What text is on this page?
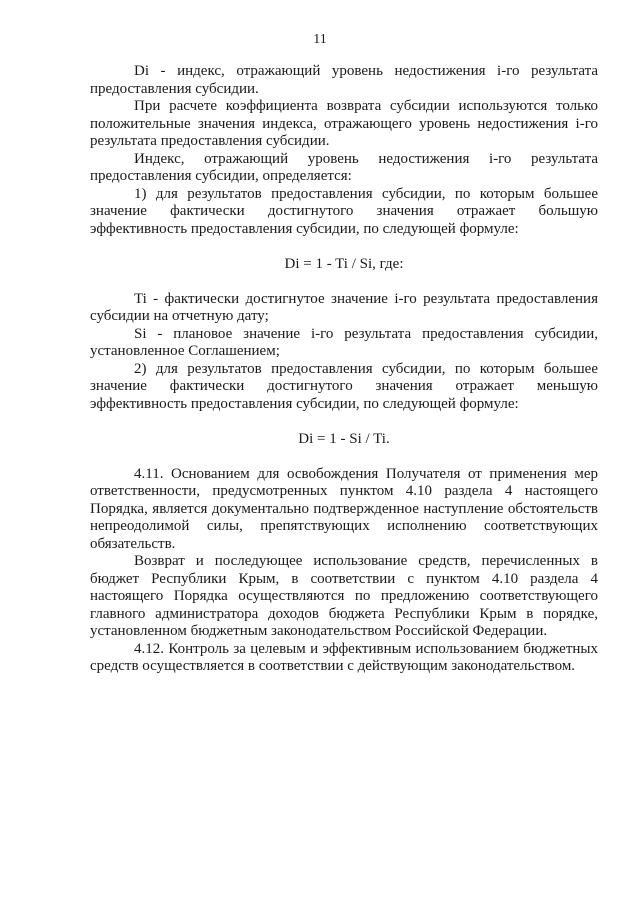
11

Di - индекс, отражающий уровень недостижения i-го результата предоставления субсидии.

При расчете коэффициента возврата субсидии используются только положительные значения индекса, отражающего уровень недостижения i-го результата предоставления субсидии.

Индекс, отражающий уровень недостижения i-го результата предоставления субсидии, определяется:

1) для результатов предоставления субсидии, по которым большее значение фактически достигнутого значения отражает большую эффективность предоставления субсидии, по следующей формуле:

Di = 1 - Ti / Si, где:

Ti - фактически достигнутое значение i-го результата предоставления субсидии на отчетную дату;

Si - плановое значение i-го результата предоставления субсидии, установленное Соглашением;

2) для результатов предоставления субсидии, по которым большее значение фактически достигнутого значения отражает меньшую эффективность предоставления субсидии, по следующей формуле:

Di = 1 - Si / Ti.

4.11. Основанием для освобождения Получателя от применения мер ответственности, предусмотренных пунктом 4.10 раздела 4 настоящего Порядка, является документально подтвержденное наступление обстоятельств непреодолимой силы, препятствующих исполнению соответствующих обязательств.

Возврат и последующее использование средств, перечисленных в бюджет Республики Крым, в соответствии с пунктом 4.10 раздела 4 настоящего Порядка осуществляются по предложению соответствующего главного администратора доходов бюджета Республики Крым в порядке, установленном бюджетным законодательством Российской Федерации.

4.12. Контроль за целевым и эффективным использованием бюджетных средств осуществляется в соответствии с действующим законодательством.
